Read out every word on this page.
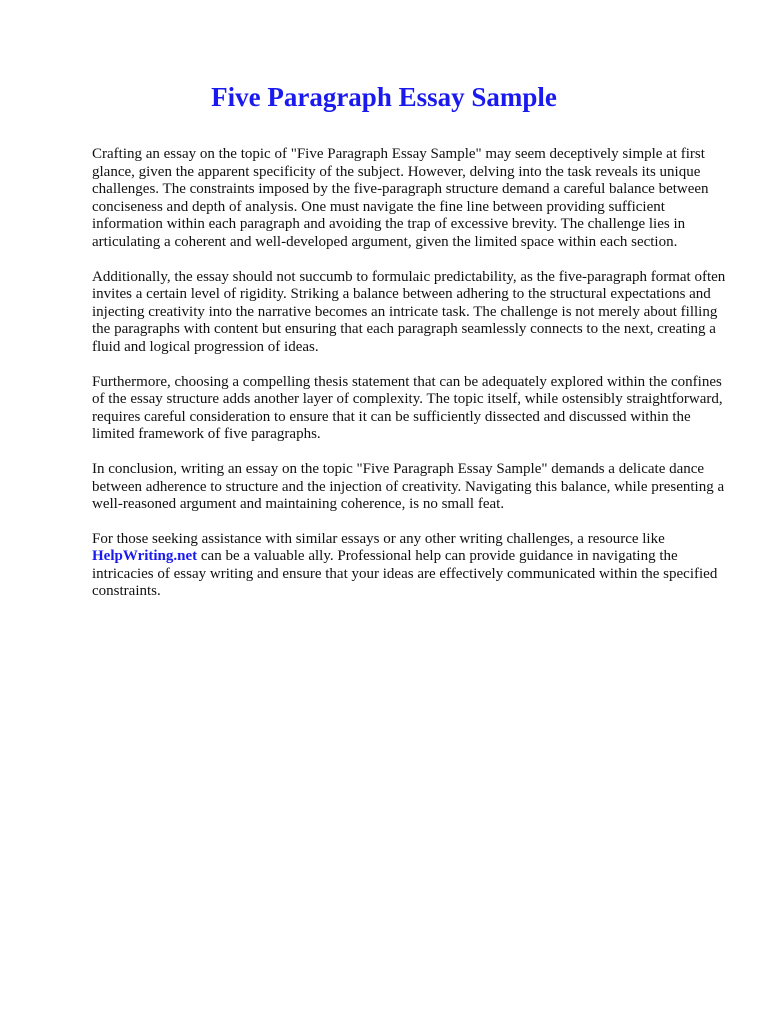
Five Paragraph Essay Sample

Crafting an essay on the topic of "Five Paragraph Essay Sample" may seem deceptively simple at first glance, given the apparent specificity of the subject. However, delving into the task reveals its unique challenges. The constraints imposed by the five-paragraph structure demand a careful balance between conciseness and depth of analysis. One must navigate the fine line between providing sufficient information within each paragraph and avoiding the trap of excessive brevity. The challenge lies in articulating a coherent and well-developed argument, given the limited space within each section.

Additionally, the essay should not succumb to formulaic predictability, as the five-paragraph format often invites a certain level of rigidity. Striking a balance between adhering to the structural expectations and injecting creativity into the narrative becomes an intricate task. The challenge is not merely about filling the paragraphs with content but ensuring that each paragraph seamlessly connects to the next, creating a fluid and logical progression of ideas.

Furthermore, choosing a compelling thesis statement that can be adequately explored within the confines of the essay structure adds another layer of complexity. The topic itself, while ostensibly straightforward, requires careful consideration to ensure that it can be sufficiently dissected and discussed within the limited framework of five paragraphs.

In conclusion, writing an essay on the topic "Five Paragraph Essay Sample" demands a delicate dance between adherence to structure and the injection of creativity. Navigating this balance, while presenting a well-reasoned argument and maintaining coherence, is no small feat.

For those seeking assistance with similar essays or any other writing challenges, a resource like HelpWriting.net can be a valuable ally. Professional help can provide guidance in navigating the intricacies of essay writing and ensure that your ideas are effectively communicated within the specified constraints.
